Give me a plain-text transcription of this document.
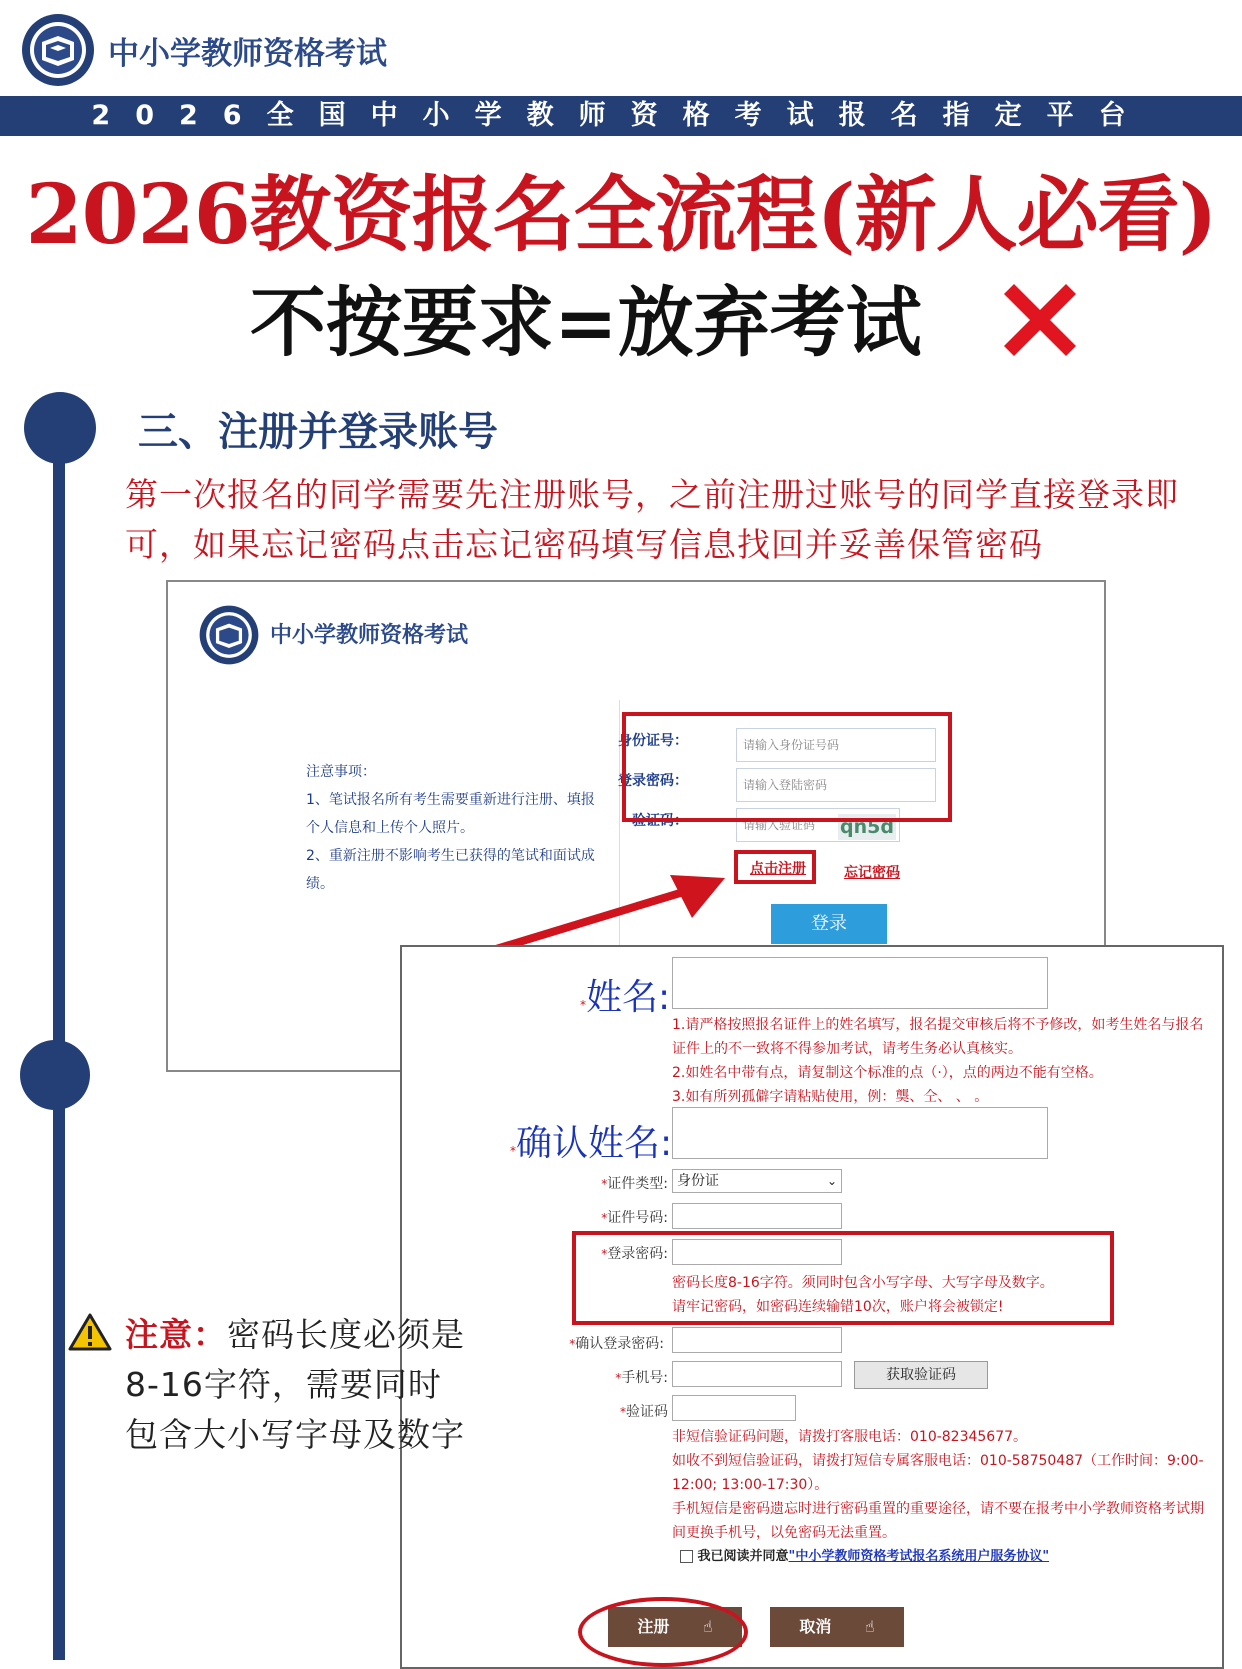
中小学教师资格考试
2026全国中小学教师资格考试报名指定平台
2026教资报名全流程(新人必看)
不按要求=放弃考试
三、注册并登录账号
第一次报名的同学需要先注册账号，之前注册过账号的同学直接登录即可，如果忘记密码点击忘记密码填写信息找回并妥善保管密码
中小学教师资格考试
注意事项：
1、笔试报名所有考生需要重新进行注册、填报个人信息和上传个人照片。
2、重新注册不影响考生已获得的笔试和面试成绩。
身份证号：	请输入身份证号码
登录密码：	请输入登陆密码
验证码：	请输入验证码	qn5d
点击注册	忘记密码
登录
*姓名:
1.请严格按照报名证件上的姓名填写，报名提交审核后将不予修改，如考生姓名与报名证件上的不一致将不得参加考试，请考生务必认真核实。
2.如姓名中带有点，请复制这个标准的点（·），点的两边不能有空格。
3.如有所列孤僻字请粘贴使用，例：龑、仝、 、 。
*确认姓名:
*证件类型: 身份证	⌄
*证件号码:
*登录密码:
密码长度8-16字符。须同时包含小写字母、大写字母及数字。
请牢记密码，如密码连续输错10次，账户将会被锁定!
*确认登录密码:
*手机号:	获取验证码
*验证码
非短信验证码问题，请拨打客服电话：010-82345677。
如收不到短信验证码，请拨打短信专属客服电话：010-58750487（工作时间：9:00-12:00; 13:00-17:30）。
手机短信是密码遗忘时进行密码重置的重要途径，请不要在报考中小学教师资格考试期间更换手机号，以免密码无法重置。
我已阅读并同意"中小学教师资格考试报名系统用户服务协议"
注册 ☝	取消 ☝
注意：密码长度必须是8-16字符，需要同时包含大小写字母及数字
